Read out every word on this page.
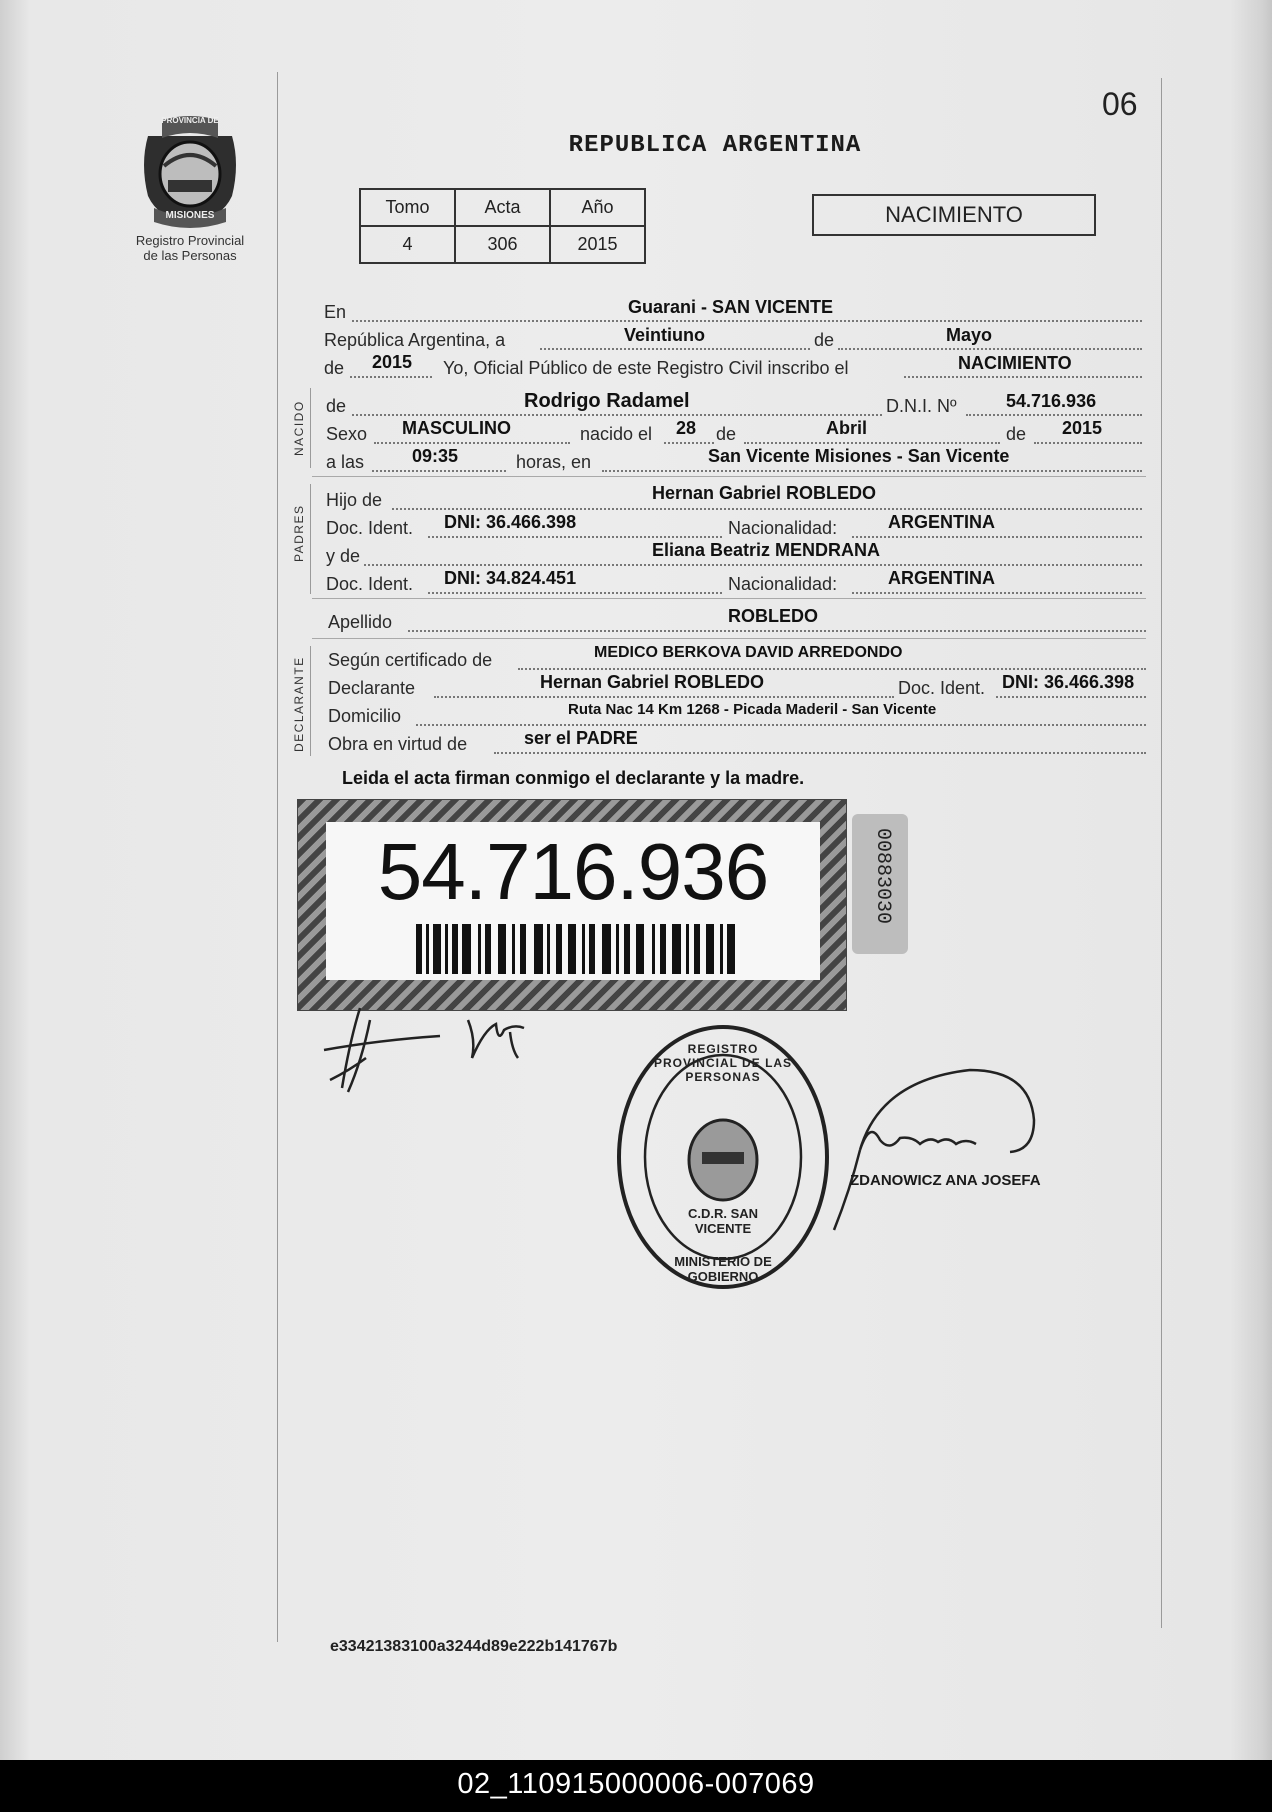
06
PROVINCIA DE
MISIONES
Registro Provincial
de las Personas
REPUBLICA ARGENTINA
Tomo	Acta	Año
4	306	2015
NACIMIENTO
En	Guarani - SAN VICENTE
República Argentina, a	Veintiuno	de	Mayo
de 2015 Yo, Oficial Público de este Registro Civil inscribo el	NACIMIENTO
NACIDO de	Rodrigo Radamel	D.N.I. Nº	54.716.936
Sexo MASCULINO	nacido el 28 de	Abril	de 2015
a las	09:35	horas, en	San Vicente Misiones - San Vicente
PADRES
Hijo de	Hernan Gabriel ROBLEDO
Doc. Ident. DNI: 36.466.398	Nacionalidad:	ARGENTINA
y de	Eliana Beatriz MENDRANA
Doc. Ident. DNI: 34.824.451	Nacionalidad:	ARGENTINA
Apellido	ROBLEDO
DECLARANTE Según certificado de	MEDICO BERKOVA DAVID ARREDONDO
Declarante	Hernan Gabriel ROBLEDO	Doc. Ident. DNI: 36.466.398
Domicilio	Ruta Nac 14 Km 1268 - Picada Maderil - San Vicente
Obra en virtud de	ser el PADRE
Leida el acta firman conmigo el declarante y la madre.
54.716.936	00883030
REGISTRO PROVINCIAL DE LAS PERSONAS
C.D.R. SAN VICENTE
MINISTERIO DE GOBIERNO
ZDANOWICZ ANA JOSEFA
e33421383100a3244d89e222b141767b
02_110915000006-007069
